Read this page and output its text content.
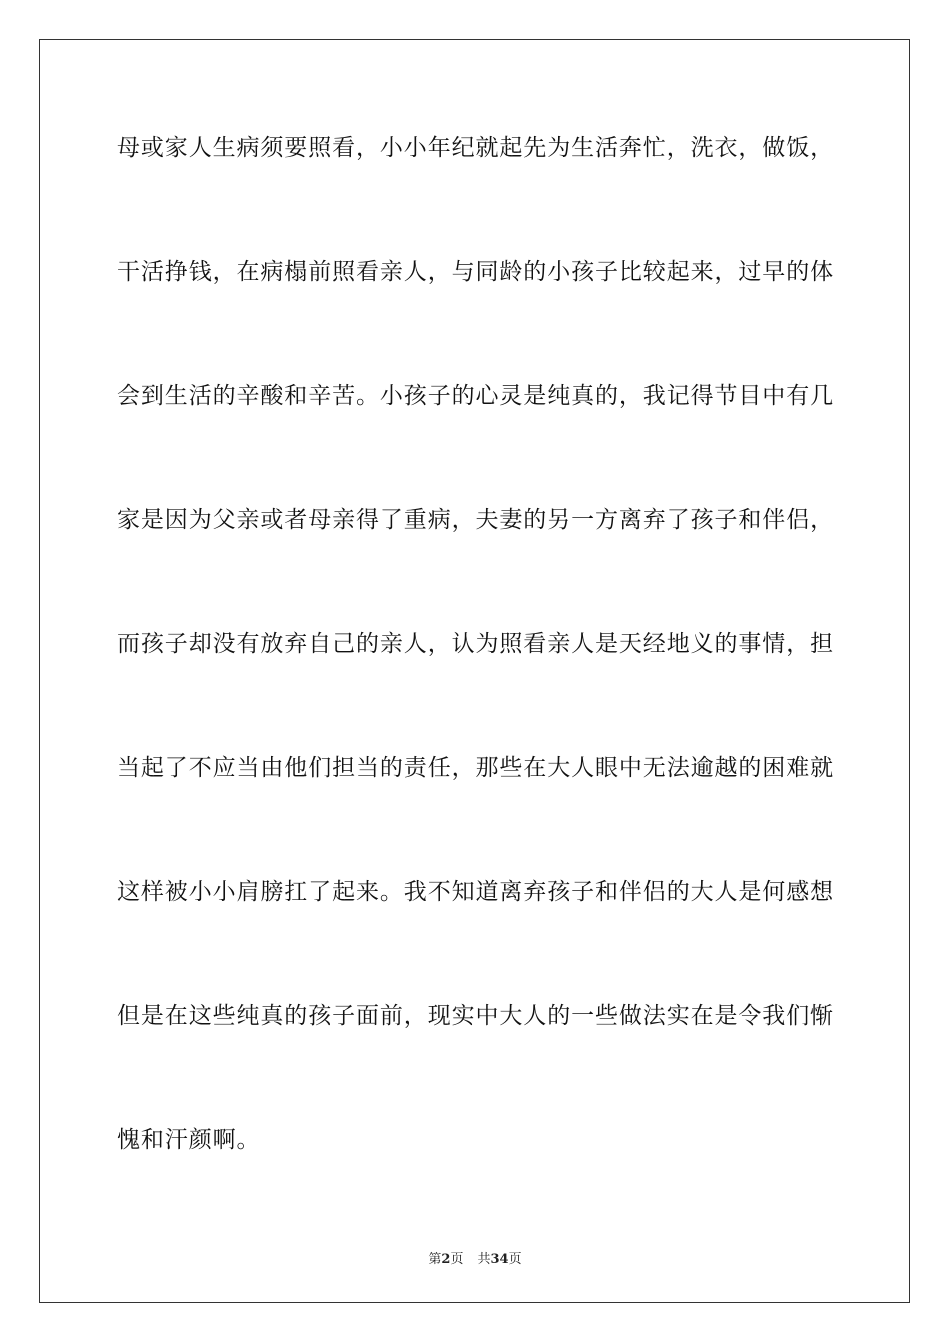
母或家人生病须要照看，小小年纪就起先为生活奔忙，洗衣，做饭，
干活挣钱，在病榻前照看亲人，与同龄的小孩子比较起来，过早的体
会到生活的辛酸和辛苦。小孩子的心灵是纯真的，我记得节目中有几
家是因为父亲或者母亲得了重病，夫妻的另一方离弃了孩子和伴侣，
而孩子却没有放弃自己的亲人，认为照看亲人是天经地义的事情，担
当起了不应当由他们担当的责任，那些在大人眼中无法逾越的困难就
这样被小小肩膀扛了起来。我不知道离弃孩子和伴侣的大人是何感想
但是在这些纯真的孩子面前，现实中大人的一些做法实在是令我们惭
愧和汗颜啊。
第2页 共34页
